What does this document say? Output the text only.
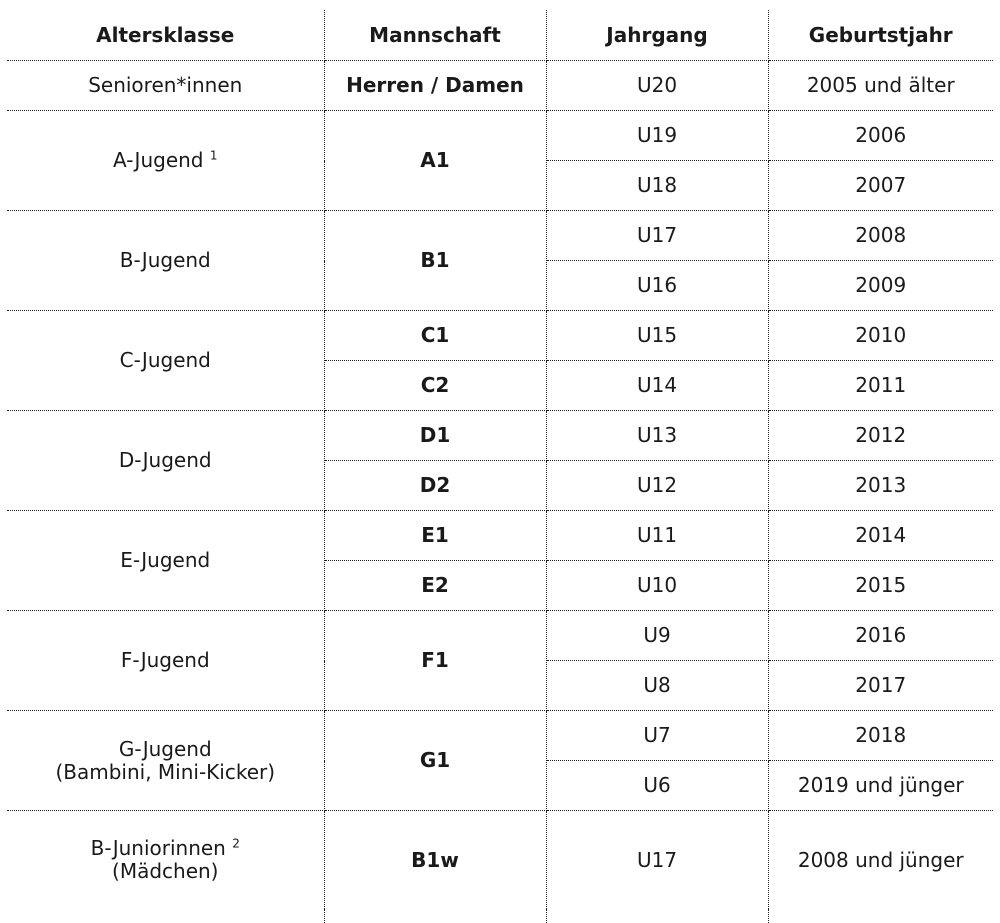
Altersklasse	Mannschaft	Jahrgang	Geburtstjahr
Senioren*innen	Herren / Damen	U20	2005 und älter
A-Jugend $^1$	A1	U19	2006
		U18	2007
B-Jugend	B1	U17	2008
		U16	2009
C-Jugend	C1	U15	2010
	C2	U14	2011
D-Jugend	D1	U13	2012
	D2	U12	2013
E-Jugend	E1	U11	2014
	E2	U10	2015
F-Jugend	F1	U9	2016
		U8	2017

G-Jugend
(Bambini, Mini-Kicker)	G1	U7	2018
		U6	2019 und jünger

B-Juniorinnen $^2$
(Mädchen)	B1w	U17	2008 und jünger
